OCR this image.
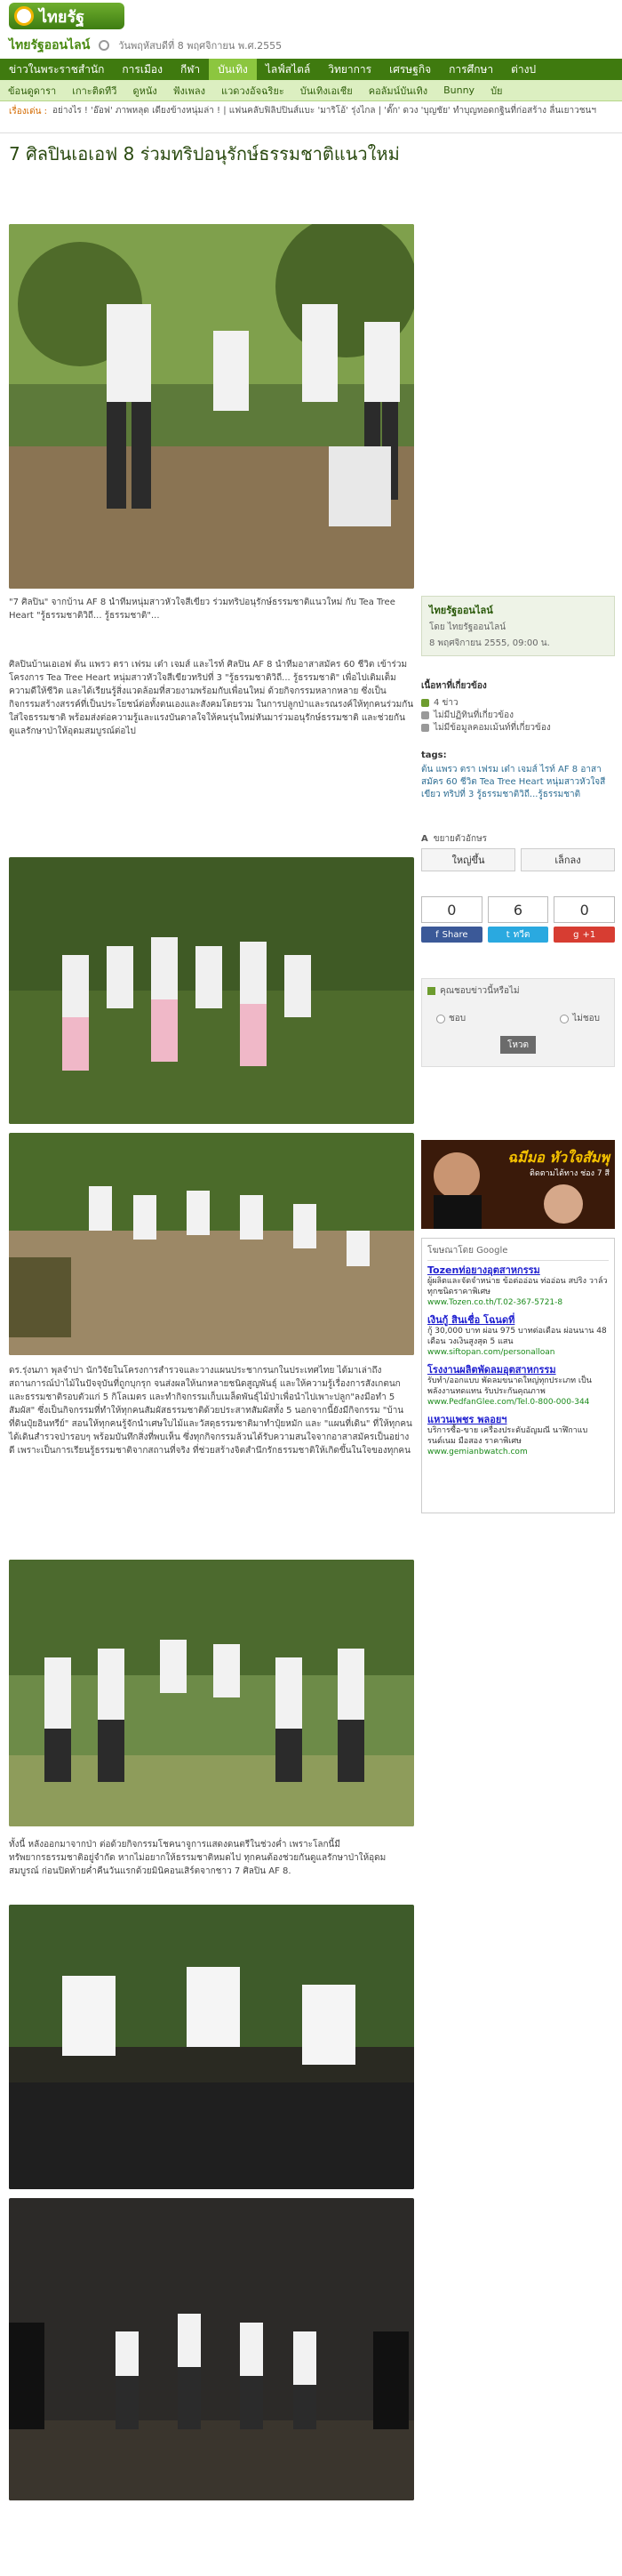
ไทยรัฐ
ไทยรัฐออนไลน์	วันพฤหัสบดีที่ 8 พฤศจิกายน พ.ศ.2555
ข่าวในพระราชสำนัก	การเมือง	กีฬา	บันเทิง	ไลฟ์สไตล์	วิทยาการ	เศรษฐกิจ	การศึกษา	ต่างป
ข้อนดูดารา	เกาะติดทีวี	ดูหนัง	ฟังเพลง	แวดวงอัจฉริยะ	บันเทิงเอเชีย	คอลัมน์บันเทิง	Bunny	บัย
เรื่องเด่น : อย่างไร ! 'อ๊อฟ' ภาพหลุด เดียงข้างหนุ่มล่า ! | แฟนคลับฟิลิปปินส์แบะ 'มาริโอ้' รุ่งไกล | 'ตั๊ก' ดวง 'บุญชัย' ทำบุญทอดกฐินที่ก่อสร้าง ลื่นเยาวชนฯ
7 ศิลปินเอเอฟ 8 ร่วมทริปอนุรักษ์ธรรมชาติแนวใหม่

"7 ศิลปิน" จากบ้าน AF 8 นำทีมหนุ่มสาวหัวใจสีเขียว ร่วมทริปอนุรักษ์ธรรมชาติแนวใหม่ กับ Tea Tree Heart "รู้ธรรมชาติวิถี... รู้ธรรมชาติ"...

ศิลปินบ้านเอเอฟ ต้น แพรว ตรา เฟรม เต๋า เจมส์ และไรท์ ศิลปิน AF 8 นำทีมอาสาสมัคร 60 ชีวิต เข้าร่วมโครงการ Tea Tree Heart หนุ่มสาวหัวใจสีเขียวทริปที่ 3 "รู้ธรรมชาติวิถี... รู้ธรรมชาติ" เพื่อไปเติมเต็มความดีให้ชีวิต และได้เรียนรู้สิ่งแวดล้อมที่สวยงามพร้อมกับเพื่อนใหม่ ด้วยกิจกรรมหลากหลาย ซึ่งเป็นกิจกรรมสร้างสรรค์ที่เป็นประโยชน์ต่อทั้งตนเองและสังคมโดยรวม ในการปลูกป่าและรณรงค์ให้ทุกคนร่วมกันใส่ใจธรรมชาติ พร้อมส่งต่อความรู้และแรงบันดาลใจให้คนรุ่นใหม่หันมาร่วมอนุรักษ์ธรรมชาติ และช่วยกันดูแลรักษาป่าให้อุดมสมบูรณ์ต่อไป

ดร.รุ่งนภา พุลจำปา นักวิจัยในโครงการสำรวจและวางแผนประชากรนกในประเทศไทย ได้มาเล่าถึงสถานการณ์ป่าไม้ในปัจจุบันที่ถูกบุกรุก จนส่งผลให้นกหลายชนิดสูญพันธุ์ และให้ความรู้เรื่องการสังเกตนกและธรรมชาติรอบตัวแก่ 5 กิโลเมตร และทำกิจกรรมเก็บเมล็ดพันธุ์ไม้ป่าเพื่อนำไปเพาะปลูก"ลงมือทำ 5 สัมผัส" ซึ่งเป็นกิจกรรมที่ทำให้ทุกคนสัมผัสธรรมชาติด้วยประสาทสัมผัสทั้ง 5 นอกจากนี้ยังมีกิจกรรม "บ้านที่ดินปุ๋ยอินทรีย์" สอนให้ทุกคนรู้จักนำเศษใบไม้และวัสดุธรรมชาติมาทำปุ๋ยหมัก และ "แผนที่เดิน" ที่ให้ทุกคนได้เดินสำรวจป่ารอบๆ พร้อมบันทึกสิ่งที่พบเห็น ซึ่งทุกกิจกรรมล้วนได้รับความสนใจจากอาสาสมัครเป็นอย่างดี เพราะเป็นการเรียนรู้ธรรมชาติจากสถานที่จริง ที่ช่วยสร้างจิตสำนึกรักธรรมชาติให้เกิดขึ้นในใจของทุกคน

ทั้งนี้ หลังออกมาจากป่า ต่อด้วยกิจกรรมโชคนาจูการแสดงดนตรีในช่วงค่ำ เพราะโลกนี้มีทรัพยากรธรรมชาติอยู่จำกัด หากไม่อยากให้ธรรมชาติหมดไป ทุกคนต้องช่วยกันดูแลรักษาป่าให้อุดมสมบูรณ์ ก่อนปิดท้ายค่ำคืนวันแรกด้วยมินิคอนเสิร์ตจากชาว 7 ศิลปิน AF 8.

ไทยรัฐออนไลน์
โดย ไทยรัฐออนไลน์
8 พฤศจิกายน 2555, 09:00 น.
เนื้อหาที่เกี่ยวข้อง
4 ข่าว
ไม่มีปฏิทินที่เกี่ยวข้อง
ไม่มีข้อมูลคอมเม้นท์ที่เกี่ยวข้อง
tags:
ต้น แพรว ตรา เฟรม เต๋า เจมส์ ไรท์ AF 8 อาสาสมัคร 60 ชีวิต Tea Tree Heart หนุ่มสาวหัวใจสีเขียว ทริปที่ 3 รู้ธรรมชาติวิถี...รู้ธรรมชาติ
A ขยายตัวอักษร
ใหญ่ขึ้น	เล็กลง
0
f Share
6
t ทวีต
0
g +1
คุณชอบข่าวนี้หรือไม่
ชอบ	ไม่ชอบ
โหวต
ฉมีมอ หัวใจสัมพุ
ติดตามได้ทาง ช่อง 7 สี
โฆษณาโดย Google
Tozenท่อยางอุตสาหกรรม
ผู้ผลิตและจัดจำหน่าย ข้อต่ออ่อน ท่ออ่อน สปริง วาล์วทุกชนิดราคาพิเศษ
www.Tozen.co.th/T.02-367-5721-8
เงินกู้ สินเชื่อ โฉนดที่
กู้ 30,000 บาท ผ่อน 975 บาทต่อเดือน ผ่อนนาน 48 เดือน วงเงินสูงสุด 5 แสน
www.siftopan.com/personalloan
โรงงานผลิตพัดลมอุตสาหกรรม
รับทำ/ออกแบบ พัดลมขนาดใหญ่ทุกประเภท เป็นพลังงานทดแทน รับประกันคุณภาพ
www.PedfanGlee.com/Tel.0-800-000-344
แหวนเพชร พลอยฯ
บริการซื้อ-ขาย เครื่องประดับอัญมณี นาฬิกาแบรนด์เนม มือสอง ราคาพิเศษ
www.gemianbwatch.com
